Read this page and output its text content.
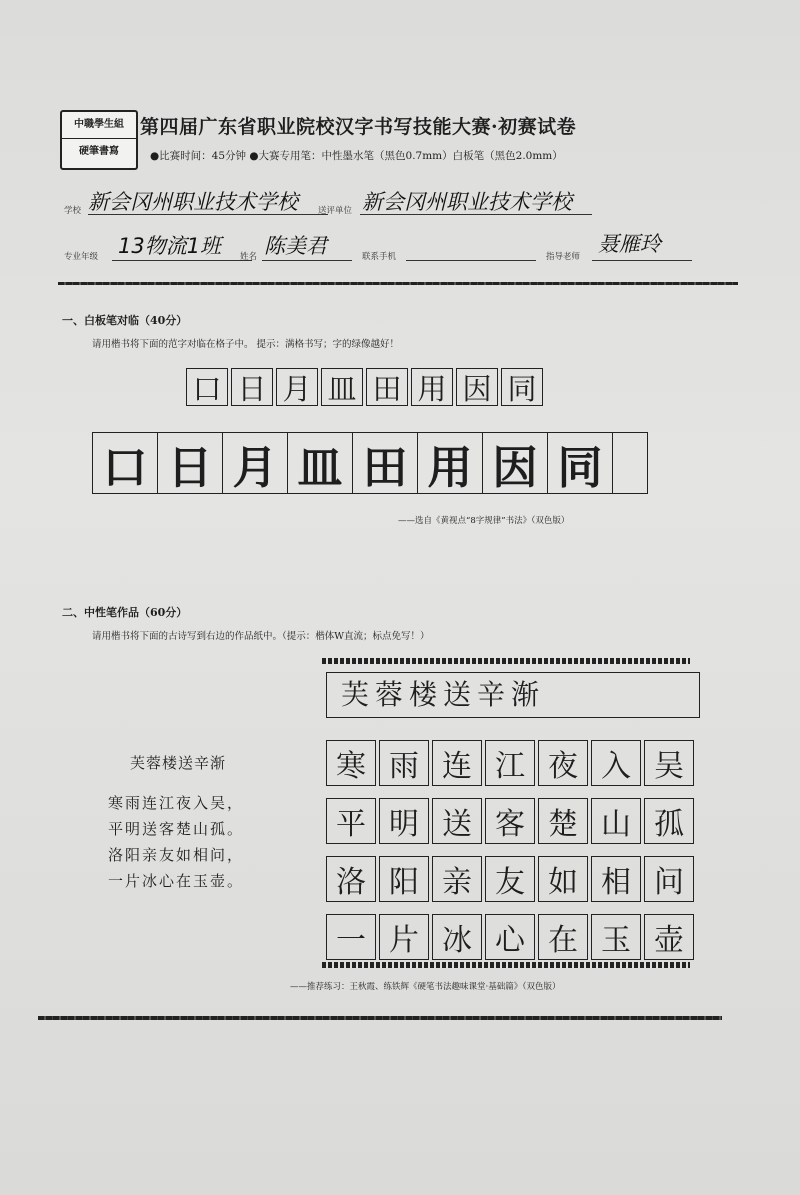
中職學生組
硬筆書寫
第四届广东省职业院校汉字书写技能大赛·初赛试卷
●比赛时间：45分钟 ●大赛专用笔：中性墨水笔（黑色0.7mm）白板笔（黑色2.0mm）
学校 新会冈州职业技术学校 送评单位 新会冈州职业技术学校
专业年级 13物流1班 姓名 陈美君	联系手机	指导老师
聂雁玲
一、白板笔对临（40分）
请用楷书将下面的范字对临在格子中。 提示：满格书写；字的绿像越好！
口 日 月 皿 田 用 因 同
口 日 月 皿 田 用 因 同
——选自《黄视点“8字规律”书法》（双色版）
二、中性笔作品（60分）
请用楷书将下面的古诗写到右边的作品纸中。（提示：楷体W直流；标点免写！）
芙蓉楼送辛渐
寒雨连江夜入吴，
平明送客楚山孤。
洛阳亲友如相问，
一片冰心在玉壶。
芙蓉楼送辛渐
寒 雨 连 江 夜 入 吴
平 明 送 客 楚 山 孤
洛 阳 亲 友 如 相 问
一 片 冰 心 在 玉 壶
——推荐练习：王秋霞、练铁辉《硬笔书法趣味课堂·基础篇》（双色版）
